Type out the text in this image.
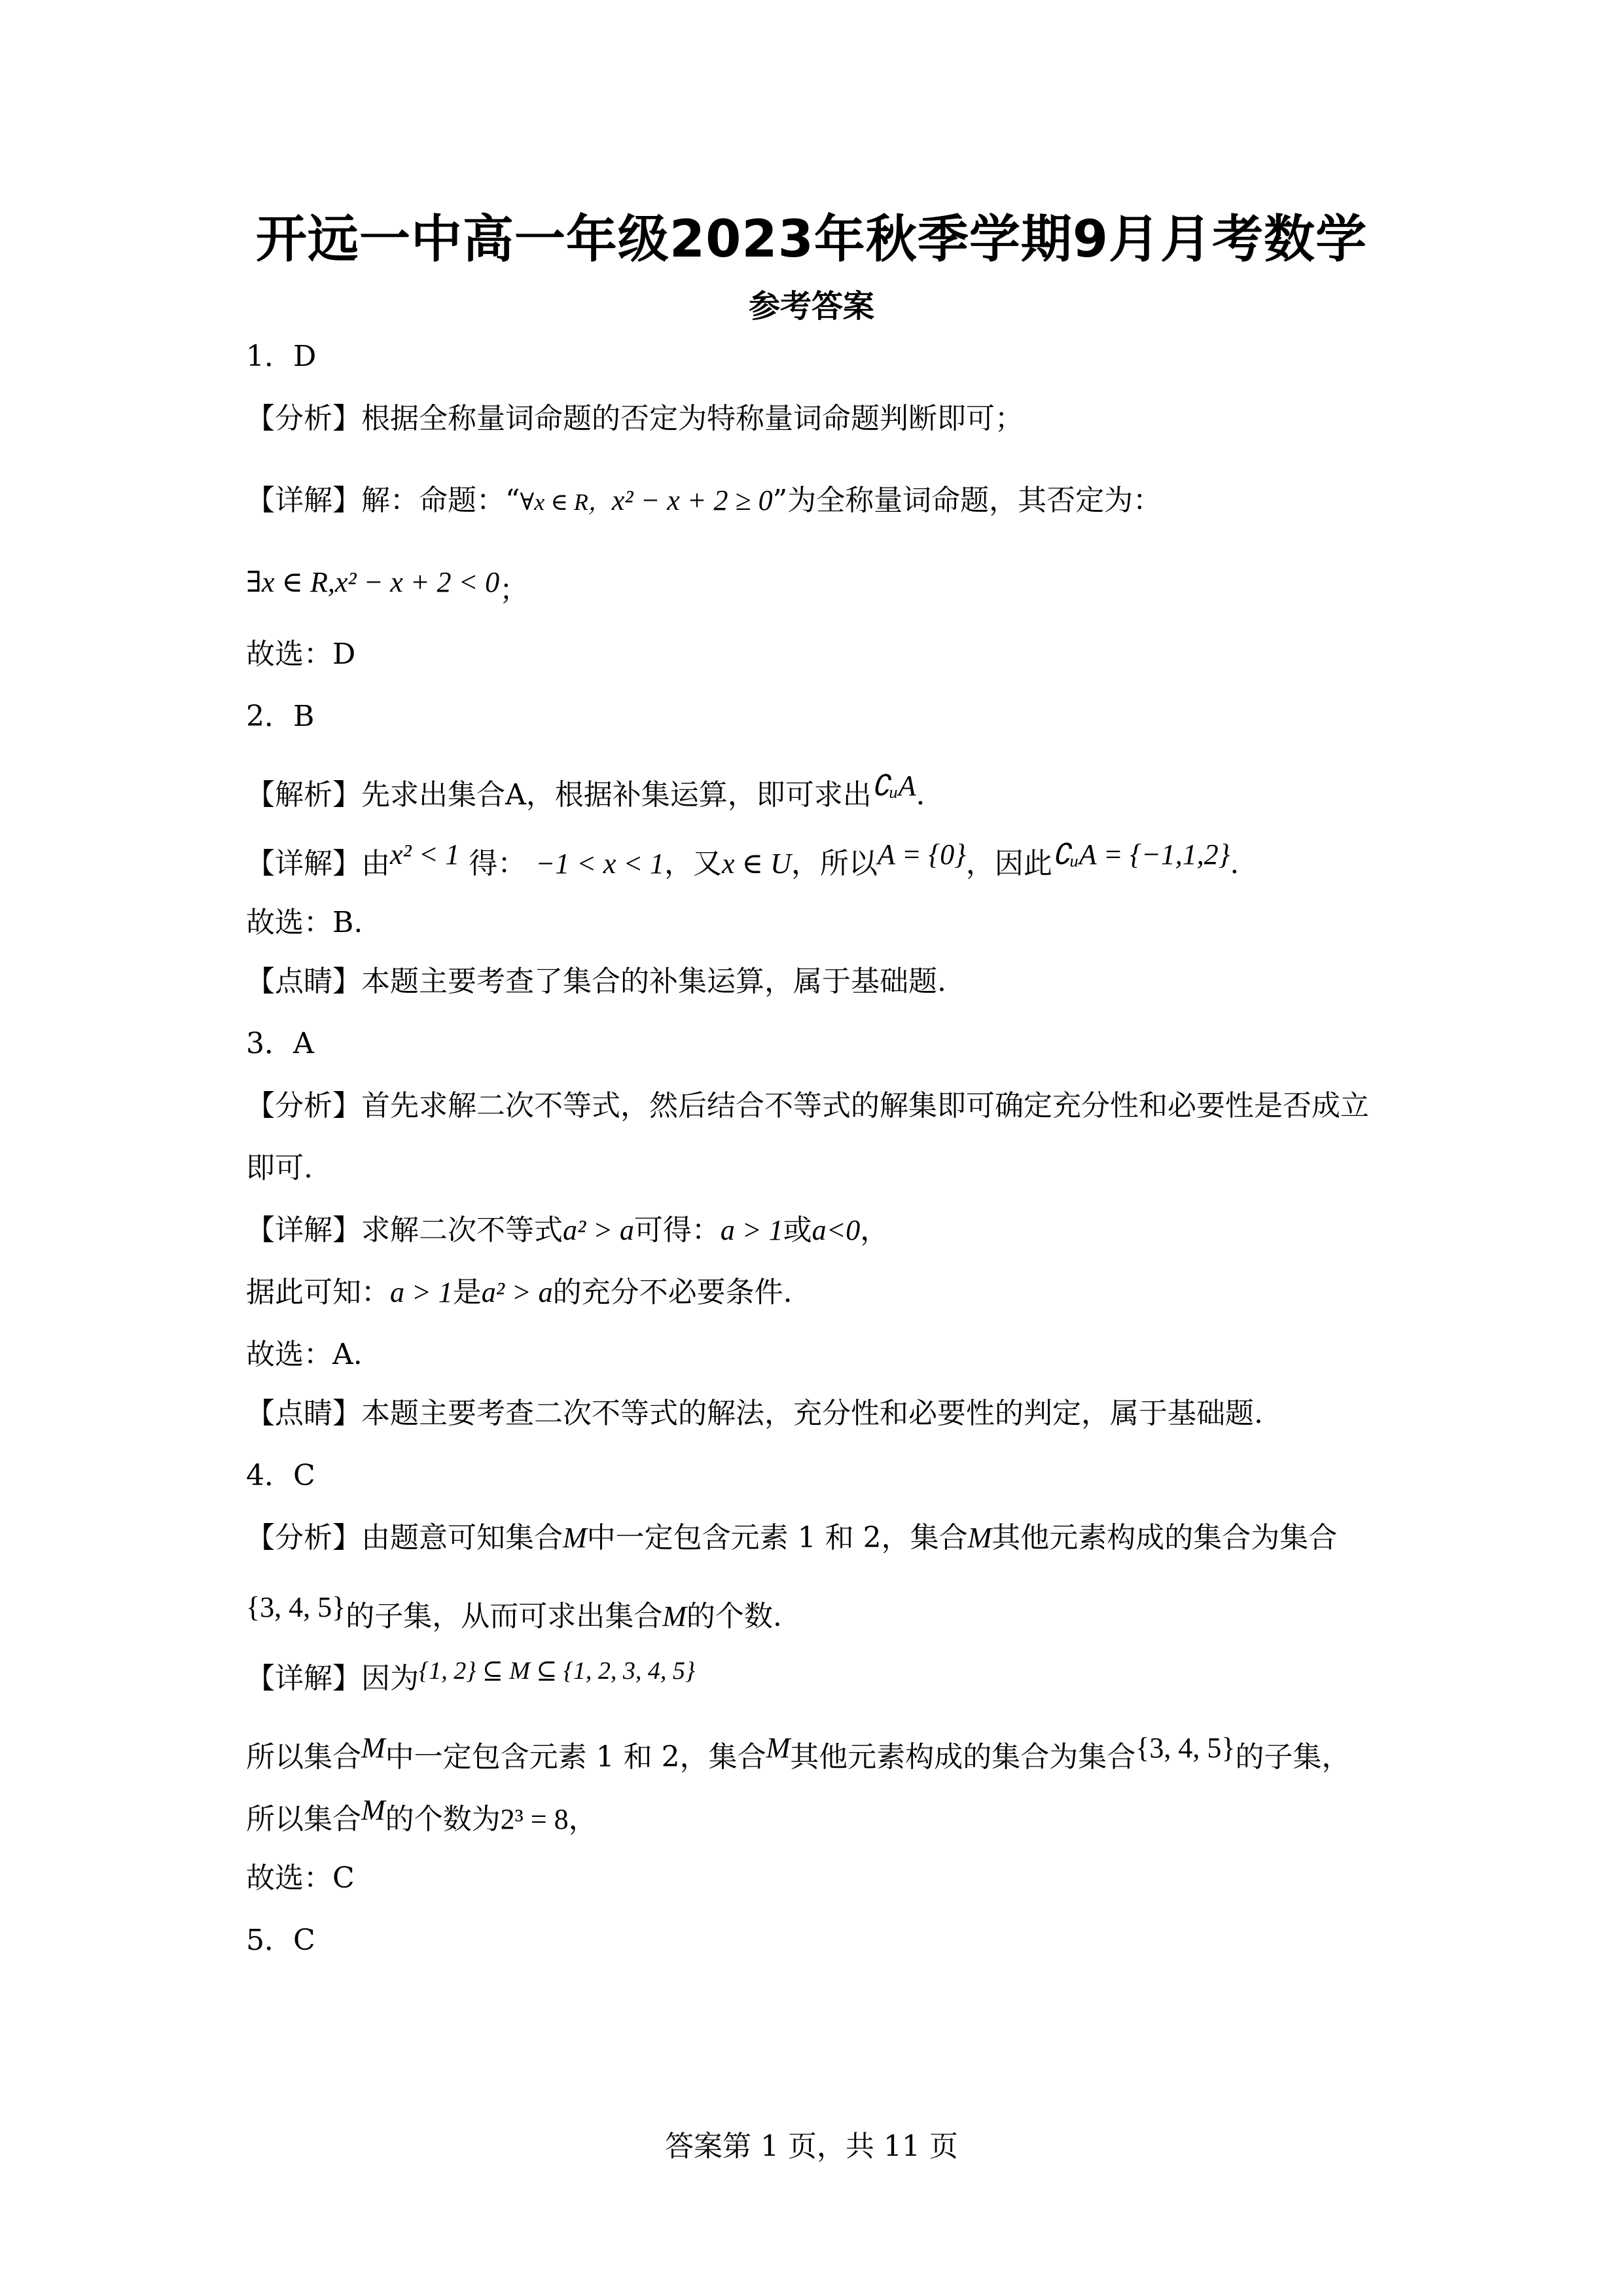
开远一中高一年级2023年秋季学期9月月考数学
参考答案
1．D
【分析】根据全称量词命题的否定为特称量词命题判断即可；
【详解】解：命题：“∀x ∈ R，x² − x + 2 ≥ 0”为全称量词命题，其否定为：
∃x ∈ R,x² − x + 2 < 0；
故选：D
2．B
【解析】先求出集合A，根据补集运算，即可求出∁ᵤA.
【详解】由x² < 1 得： −1 < x < 1，又x ∈ U，所以A = {0}，因此∁ᵤA = {−1,1,2}.
故选：B.
【点睛】本题主要考查了集合的补集运算，属于基础题.
3．A
【分析】首先求解二次不等式，然后结合不等式的解集即可确定充分性和必要性是否成立
即可.
【详解】求解二次不等式a² > a可得：a > 1或a<0，
据此可知：a > 1是a² > a的充分不必要条件.
故选：A.
【点睛】本题主要考查二次不等式的解法，充分性和必要性的判定，属于基础题.
4．C
【分析】由题意可知集合M中一定包含元素 1 和 2，集合M其他元素构成的集合为集合
{3, 4, 5}的子集，从而可求出集合M的个数.
【详解】因为{1, 2} ⊆ M ⊆ {1, 2, 3, 4, 5}
所以集合M中一定包含元素 1 和 2，集合M其他元素构成的集合为集合{3, 4, 5}的子集，
所以集合M的个数为2³ = 8，
故选：C
5．C
答案第 1 页，共 11 页
